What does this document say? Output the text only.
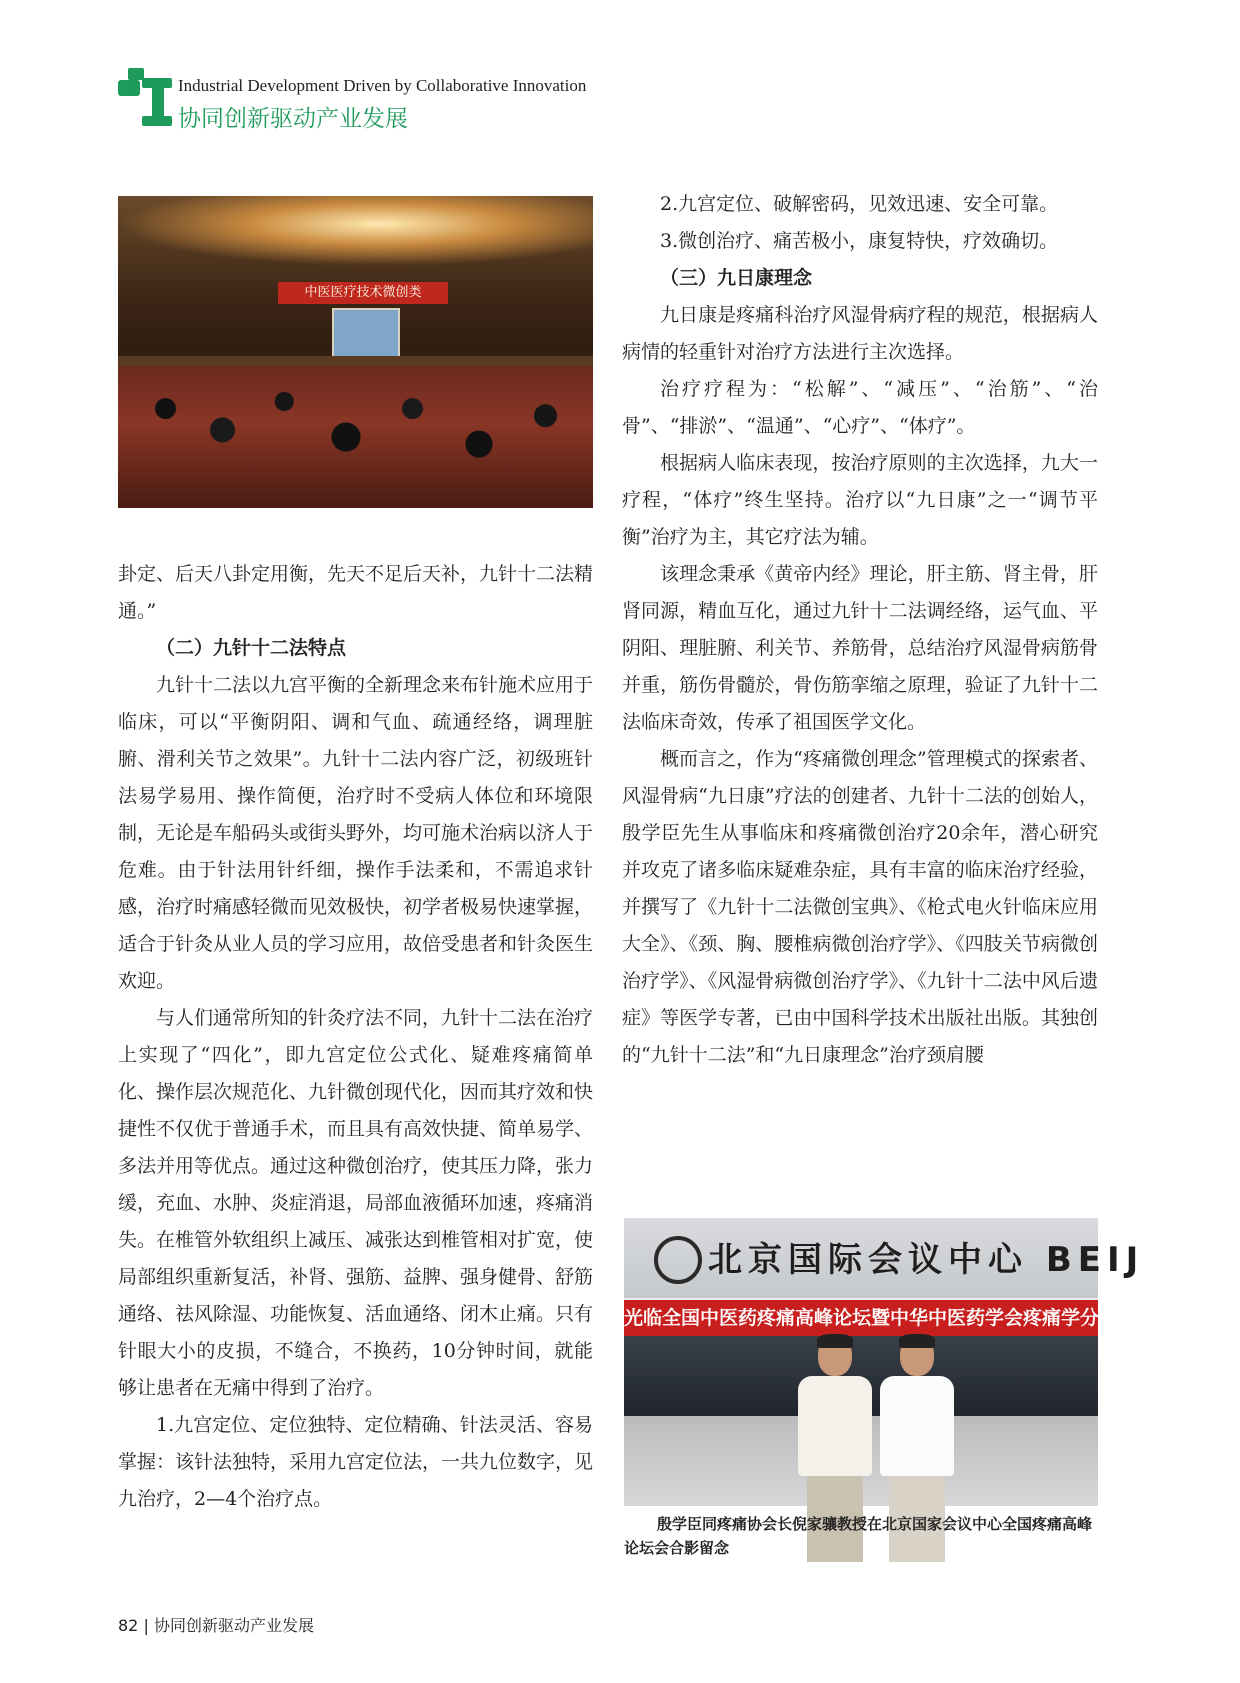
Industrial Development Driven by Collaborative Innovation
协同创新驱动产业发展
中医医疗技术微创类

卦定、后天八卦定用衡，先天不足后天补，九针十二法精通。”

（二）九针十二法特点

九针十二法以九宫平衡的全新理念来布针施术应用于临床，可以“平衡阴阳、调和气血、疏通经络，调理脏腑、滑利关节之效果”。九针十二法内容广泛，初级班针法易学易用、操作简便，治疗时不受病人体位和环境限制，无论是车船码头或街头野外，均可施术治病以济人于危难。由于针法用针纤细，操作手法柔和，不需追求针感，治疗时痛感轻微而见效极快，初学者极易快速掌握，适合于针灸从业人员的学习应用，故倍受患者和针灸医生欢迎。

与人们通常所知的针灸疗法不同，九针十二法在治疗上实现了“四化”，即九宫定位公式化、疑难疼痛简单化、操作层次规范化、九针微创现代化，因而其疗效和快捷性不仅优于普通手术，而且具有高效快捷、简单易学、多法并用等优点。通过这种微创治疗，使其压力降，张力缓，充血、水肿、炎症消退，局部血液循环加速，疼痛消失。在椎管外软组织上减压、减张达到椎管相对扩宽，使局部组织重新复活，补肾、强筋、益脾、强身健骨、舒筋通络、祛风除湿、功能恢复、活血通络、闭木止痛。只有针眼大小的皮损，不缝合，不换药，10分钟时间，就能够让患者在无痛中得到了治疗。

1.九宫定位、定位独特、定位精确、针法灵活、容易掌握：该针法独特，采用九宫定位法，一共九位数字，见九治疗，2—4个治疗点。

2.九宫定位、破解密码，见效迅速、安全可靠。

3.微创治疗、痛苦极小，康复特快，疗效确切。

（三）九日康理念

九日康是疼痛科治疗风湿骨病疗程的规范，根据病人病情的轻重针对治疗方法进行主次选择。

治疗疗程为：“松解”、“减压”、“治筋”、“治骨”、“排淤”、“温通”、“心疗”、“体疗”。

根据病人临床表现，按治疗原则的主次选择，九大一疗程，“体疗”终生坚持。治疗以“九日康”之一“调节平衡”治疗为主，其它疗法为辅。

该理念秉承《黄帝内经》理论，肝主筋、肾主骨，肝肾同源，精血互化，通过九针十二法调经络，运气血、平阴阳、理脏腑、利关节、养筋骨，总结治疗风湿骨病筋骨并重，筋伤骨髓於，骨伤筋挛缩之原理，验证了九针十二法临床奇效，传承了祖国医学文化。

概而言之，作为“疼痛微创理念”管理模式的探索者、风湿骨病“九日康”疗法的创建者、九针十二法的创始人，殷学臣先生从事临床和疼痛微创治疗20余年，潜心研究并攻克了诸多临床疑难杂症，具有丰富的临床治疗经验，并撰写了《九针十二法微创宝典》、《枪式电火针临床应用大全》、《颈、胸、腰椎病微创治疗学》、《四肢关节病微创治疗学》、《风湿骨病微创治疗学》、《九针十二法中风后遗症》等医学专著，已由中国科学技术出版社出版。其独创的“九针十二法”和“九日康理念”治疗颈肩腰

北京国际会议中心 BEIJ
光临全国中医药疼痛高峰论坛暨中华中医药学会疼痛学分会成立
殷学臣同疼痛协会长倪家骧教授在北京国家会议中心全国疼痛高峰论坛会合影留念
82 | 协同创新驱动产业发展
